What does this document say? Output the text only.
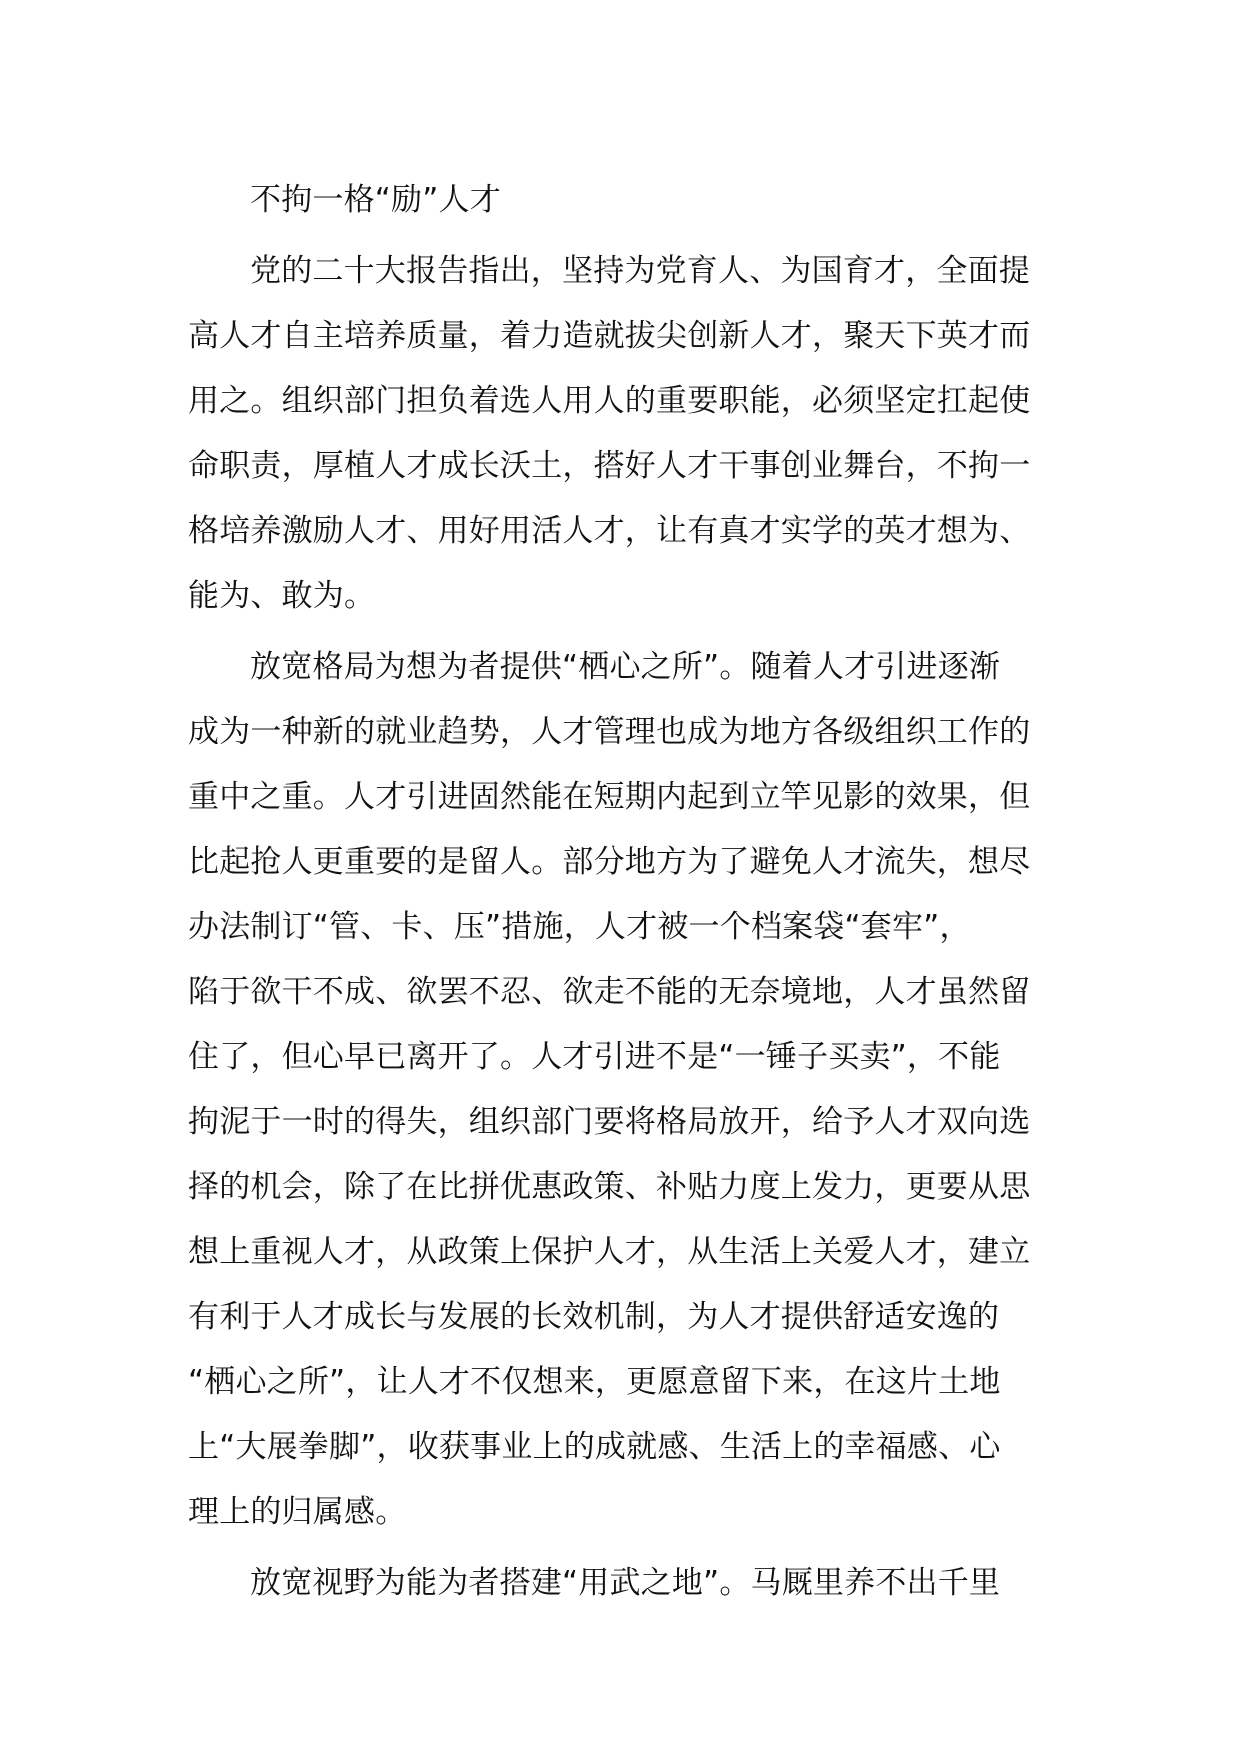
不拘一格“励”人才
党的二十大报告指出，坚持为党育人、为国育才，全面提
高人才自主培养质量，着力造就拔尖创新人才，聚天下英才而
用之。组织部门担负着选人用人的重要职能，必须坚定扛起使
命职责，厚植人才成长沃土，搭好人才干事创业舞台，不拘一
格培养激励人才、用好用活人才，让有真才实学的英才想为、
能为、敢为。
放宽格局为想为者提供“栖心之所”。随着人才引进逐渐
成为一种新的就业趋势，人才管理也成为地方各级组织工作的
重中之重。人才引进固然能在短期内起到立竿见影的效果，但
比起抢人更重要的是留人。部分地方为了避免人才流失，想尽
办法制订“管、卡、压”措施，人才被一个档案袋“套牢”，
陷于欲干不成、欲罢不忍、欲走不能的无奈境地，人才虽然留
住了，但心早已离开了。人才引进不是“一锤子买卖”，不能
拘泥于一时的得失，组织部门要将格局放开，给予人才双向选
择的机会，除了在比拼优惠政策、补贴力度上发力，更要从思
想上重视人才，从政策上保护人才，从生活上关爱人才，建立
有利于人才成长与发展的长效机制，为人才提供舒适安逸的
“栖心之所”，让人才不仅想来，更愿意留下来，在这片土地
上“大展拳脚”，收获事业上的成就感、生活上的幸福感、心
理上的归属感。
放宽视野为能为者搭建“用武之地”。马厩里养不出千里
